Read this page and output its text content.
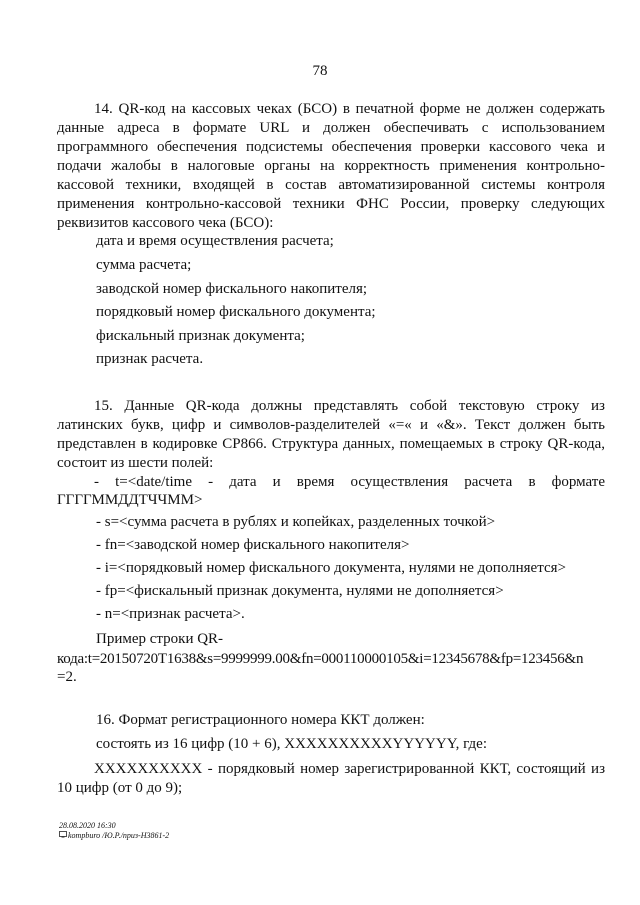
78
14. QR-код на кассовых чеках (БСО) в печатной форме не должен содержать
данные адреса в формате URL и должен обеспечивать с использованием
программного обеспечения подсистемы обеспечения проверки кассового чека и
подачи жалобы в налоговые органы на корректность применения контрольно-
кассовой техники, входящей в состав автоматизированной системы контроля
применения контрольно-кассовой техники ФНС России, проверку следующих
реквизитов кассового чека (БСО):
дата и время осуществления расчета;
сумма расчета;
заводской номер фискального накопителя;
порядковый номер фискального документа;
фискальный признак документа;
признак расчета.
15. Данные QR-кода должны представлять собой текстовую строку из
латинских букв, цифр и символов-разделителей «=« и «&». Текст должен быть
представлен в кодировке CP866. Структура данных, помещаемых в строку QR-кода,
состоит из шести полей:
- t=<date/time - дата и время осуществления расчета в формате
ГГГГММДДТЧЧММ>
- s=<сумма расчета в рублях и копейках, разделенных точкой>
- fn=<заводской номер фискального накопителя>
- i=<порядковый номер фискального документа, нулями не дополняется>
- fp=<фискальный признак документа, нулями не дополняется>
- n=<признак расчета>.
Пример строки QR-
кода:t=20150720T1638&s=9999999.00&fn=000110000105&i=12345678&fp=123456&n
=2.
16. Формат регистрационного номера ККТ должен:
состоять из 16 цифр (10 + 6), XXXXXXXXXXYYYYYY, где:
XXXXXXXXXX - порядковый номер зарегистрированной ККТ, состоящий из
10 цифр (от 0 до 9);
28.08.2020 16:30
kompburo /Ю.Р./приз-Н3861-2
